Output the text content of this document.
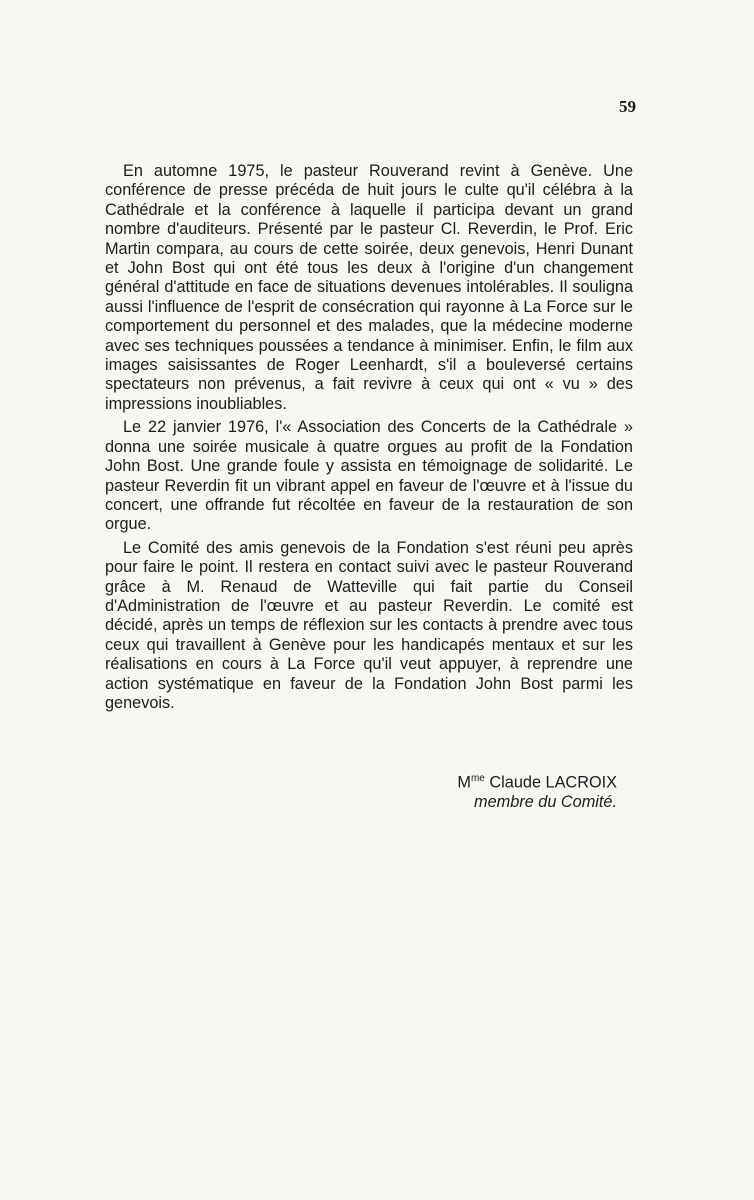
59

En automne 1975, le pasteur Rouverand revint à Genève. Une conférence de presse précéda de huit jours le culte qu'il célébra à la Cathédrale et la conférence à laquelle il participa devant un grand nombre d'auditeurs. Présenté par le pasteur Cl. Reverdin, le Prof. Eric Martin compara, au cours de cette soirée, deux genevois, Henri Dunant et John Bost qui ont été tous les deux à l'origine d'un changement général d'attitude en face de situations devenues intolérables. Il souligna aussi l'influence de l'esprit de consécration qui rayonne à La Force sur le comportement du personnel et des malades, que la médecine moderne avec ses techniques poussées a tendance à minimiser. Enfin, le film aux images saisissantes de Roger Leenhardt, s'il a bouleversé certains spectateurs non prévenus, a fait revivre à ceux qui ont « vu » des impressions inoubliables.

Le 22 janvier 1976, l'« Association des Concerts de la Cathédrale » donna une soirée musicale à quatre orgues au profit de la Fondation John Bost. Une grande foule y assista en témoignage de solidarité. Le pasteur Reverdin fit un vibrant appel en faveur de l'œuvre et à l'issue du concert, une offrande fut récoltée en faveur de la restauration de son orgue.

Le Comité des amis genevois de la Fondation s'est réuni peu après pour faire le point. Il restera en contact suivi avec le pasteur Rouverand grâce à M. Renaud de Watteville qui fait partie du Conseil d'Administration de l'œuvre et au pasteur Reverdin. Le comité est décidé, après un temps de réflexion sur les contacts à prendre avec tous ceux qui travaillent à Genève pour les handicapés mentaux et sur les réalisations en cours à La Force qu'il veut appuyer, à reprendre une action systématique en faveur de la Fondation John Bost parmi les genevois.

$M^{me}$ Claude LACROIX
membre du Comité.
